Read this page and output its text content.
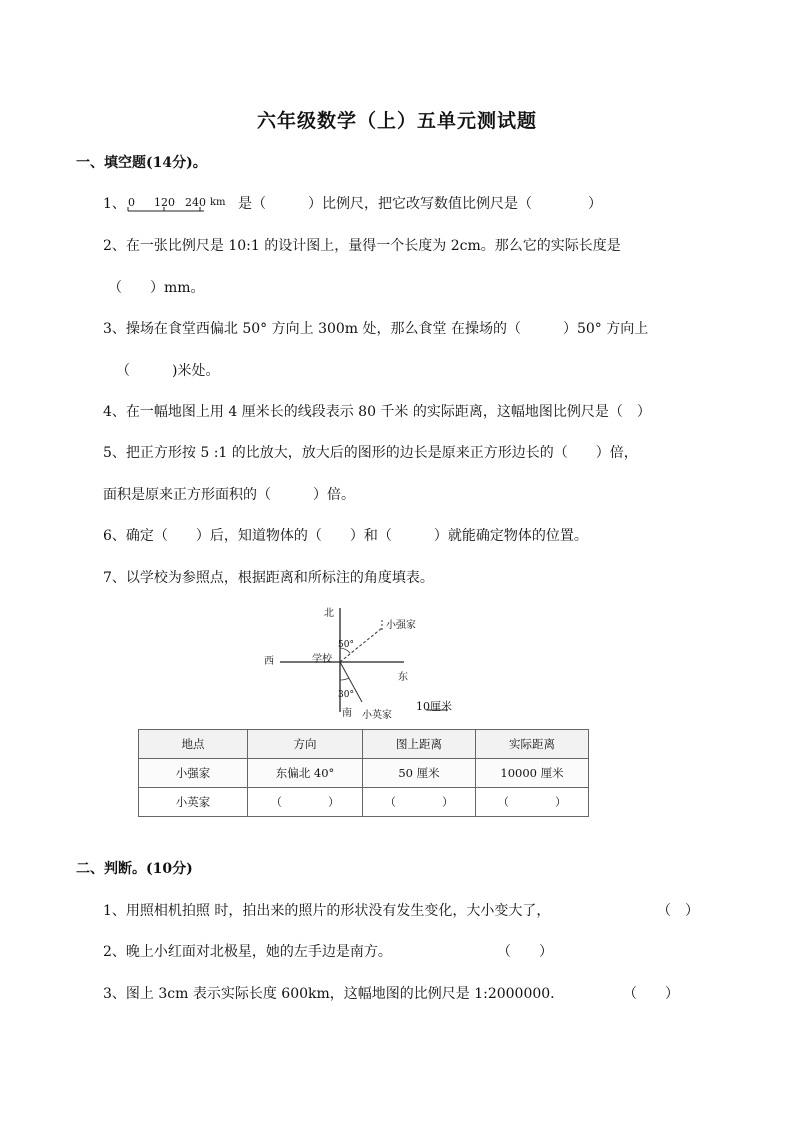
六年级数学（上）五单元测试题
一、填空题(14分)。
1、 0 120 240 km 是（　　　）比例尺，把它改写数值比例尺是（　　　　）
2、在一张比例尺是 10:1 的设计图上，量得一个长度为 2cm。那么它的实际长度是
（　　）mm。
3、操场在食堂西偏北 50° 方向上 300m 处，那么食堂 在操场的（　　　）50° 方向上
（　　　)米处。
4、在一幅地图上用 4 厘米长的线段表示 80 千米 的实际距离，这幅地图比例尺是（　）
5、把正方形按 5 :1 的比放大，放大后的图形的边长是原来正方形边长的（　　）倍，
面积是原来正方形面积的（　　　）倍。
6、确定（　　）后，知道物体的（　　）和（　　　）就能确定物体的位置。
7、以学校为参照点，根据距离和所标注的角度填表。
北
南
东
西	学校
50°
30°
小强家
小英家
10厘米
地点	方向	图上距离	实际距离
小强家	东偏北 40°	50 厘米	10000 厘米
小英家	（　　　　）	（　　　　）	（　　　　）
二、判断。(10分)
1、用照相机拍照 时，拍出来的照片的形状没有发生变化，大小变大了，	（　）
2、晚上小红面对北极星，她的左手边是南方。	（　　）
3、图上 3cm 表示实际长度 600km，这幅地图的比例尺是 1:2000000.	（　　）
